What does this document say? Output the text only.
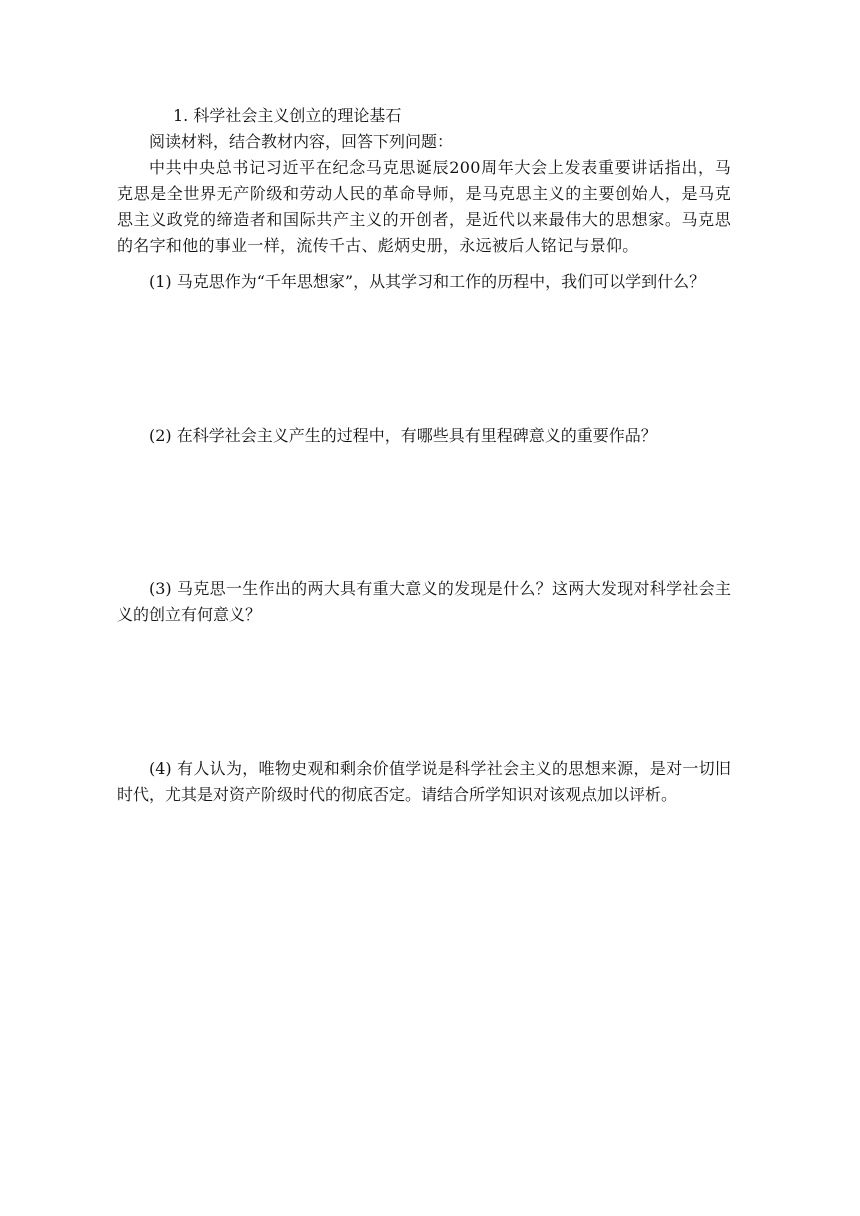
1. 科学社会主义创立的理论基石

阅读材料，结合教材内容，回答下列问题：

中共中央总书记习近平在纪念马克思诞辰200周年大会上发表重要讲话指出，马克思是全世界无产阶级和劳动人民的革命导师，是马克思主义的主要创始人，是马克思主义政党的缔造者和国际共产主义的开创者，是近代以来最伟大的思想家。马克思的名字和他的事业一样，流传千古、彪炳史册，永远被后人铭记与景仰。

(1) 马克思作为“千年思想家”，从其学习和工作的历程中，我们可以学到什么？

(2) 在科学社会主义产生的过程中，有哪些具有里程碑意义的重要作品？

(3) 马克思一生作出的两大具有重大意义的发现是什么？这两大发现对科学社会主义的创立有何意义？

(4) 有人认为，唯物史观和剩余价值学说是科学社会主义的思想来源，是对一切旧时代，尤其是对资产阶级时代的彻底否定。请结合所学知识对该观点加以评析。
